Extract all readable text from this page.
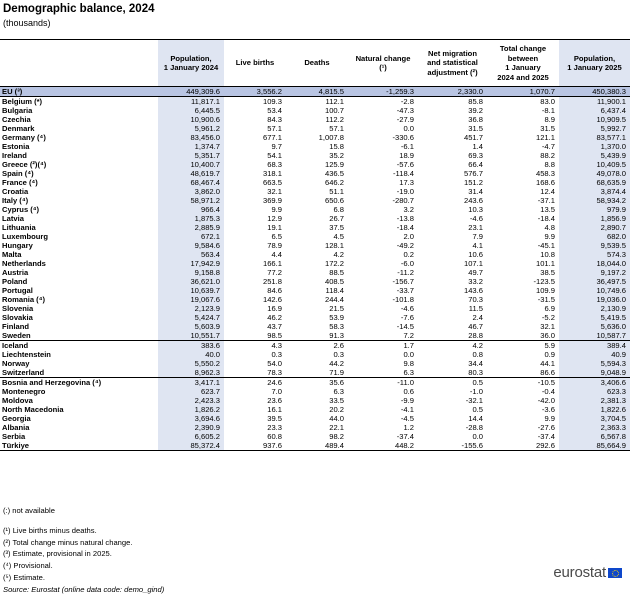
Demographic balance, 2024
(thousands)
	Population,
1 January 2024	Live births	Deaths	Natural change
(¹)	Net migration
and statistical
adjustment (²)	Total change
between
1 January
2024 and 2025	Population,
1 January 2025
EU (³)	449,309.6	3,556.2	4,815.5	-1,259.3	2,330.0	1,070.7	450,380.3
Belgium (*)	11,817.1	109.3	112.1	-2.8	85.8	83.0	11,900.1
Bulgaria	6,445.5	53.4	100.7	-47.3	39.2	-8.1	6,437.4
Czechia	10,900.6	84.3	112.2	-27.9	36.8	8.9	10,909.5
Denmark	5,961.2	57.1	57.1	0.0	31.5	31.5	5,992.7
Germany (⁴)	83,456.0	677.1	1,007.8	-330.6	451.7	121.1	83,577.1
Estonia	1,374.7	9.7	15.8	-6.1	1.4	-4.7	1,370.0
Ireland	5,351.7	54.1	35.2	18.9	69.3	88.2	5,439.9
Greece (²)(⁴)	10,400.7	68.3	125.9	-57.6	66.4	8.8	10,409.5
Spain (⁴)	48,619.7	318.1	436.5	-118.4	576.7	458.3	49,078.0
France (⁴)	68,467.4	663.5	646.2	17.3	151.2	168.6	68,635.9
Croatia	3,862.0	32.1	51.1	-19.0	31.4	12.4	3,874.4
Italy (⁴)	58,971.2	369.9	650.6	-280.7	243.6	-37.1	58,934.2
Cyprus (⁴)	966.4	9.9	6.8	3.2	10.3	13.5	979.9
Latvia	1,875.3	12.9	26.7	-13.8	-4.6	-18.4	1,856.9
Lithuania	2,885.9	19.1	37.5	-18.4	23.1	4.8	2,890.7
Luxembourg	672.1	6.5	4.5	2.0	7.9	9.9	682.0
Hungary	9,584.6	78.9	128.1	-49.2	4.1	-45.1	9,539.5
Malta	563.4	4.4	4.2	0.2	10.6	10.8	574.3
Netherlands	17,942.9	166.1	172.2	-6.0	107.1	101.1	18,044.0
Austria	9,158.8	77.2	88.5	-11.2	49.7	38.5	9,197.2
Poland	36,621.0	251.8	408.5	-156.7	33.2	-123.5	36,497.5
Portugal	10,639.7	84.6	118.4	-33.7	143.6	109.9	10,749.6
Romania (⁴)	19,067.6	142.6	244.4	-101.8	70.3	-31.5	19,036.0
Slovenia	2,123.9	16.9	21.5	-4.6	11.5	6.9	2,130.9
Slovakia	5,424.7	46.2	53.9	-7.6	2.4	-5.2	5,419.5
Finland	5,603.9	43.7	58.3	-14.5	46.7	32.1	5,636.0
Sweden	10,551.7	98.5	91.3	7.2	28.8	36.0	10,587.7
Iceland	383.6	4.3	2.6	1.7	4.2	5.9	389.4
Liechtenstein	40.0	0.3	0.3	0.0	0.8	0.9	40.9
Norway	5,550.2	54.0	44.2	9.8	34.4	44.1	5,594.3
Switzerland	8,962.3	78.3	71.9	6.3	80.3	86.6	9,048.9
Bosnia and Herzegovina (⁴)	3,417.1	24.6	35.6	-11.0	0.5	-10.5	3,406.6
Montenegro	623.7	7.0	6.3	0.6	-1.0	-0.4	623.3
Moldova	2,423.3	23.6	33.5	-9.9	-32.1	-42.0	2,381.3
North Macedonia	1,826.2	16.1	20.2	-4.1	0.5	-3.6	1,822.6
Georgia	3,694.6	39.5	44.0	-4.5	14.4	9.9	3,704.5
Albania	2,390.9	23.3	22.1	1.2	-28.8	-27.6	2,363.3
Serbia	6,605.2	60.8	98.2	-37.4	0.0	-37.4	6,567.8
Türkiye	85,372.4	937.6	489.4	448.2	-155.6	292.6	85,664.9
(:) not available
(¹) Live births minus deaths.
(²) Total change minus natural change.
(³) Estimate, provisional in 2025.
(⁴) Provisional.
(⁵) Estimate.
Source: Eurostat (online data code: demo_gind)
eurostat
